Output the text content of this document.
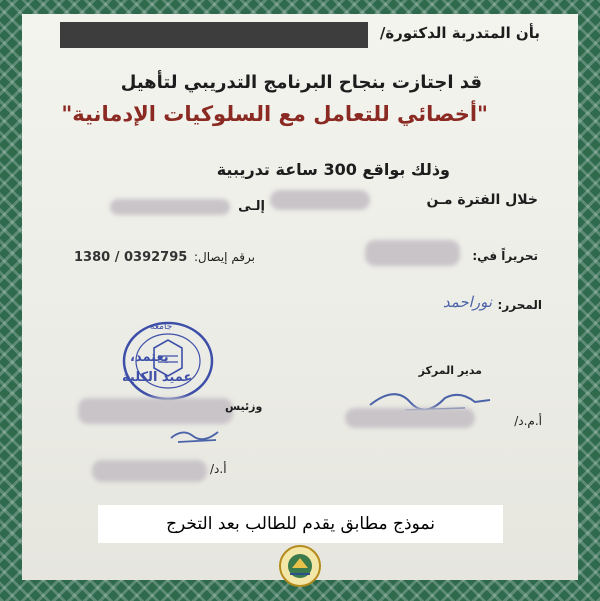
بأن المتدربة الدكتورة/
قد اجتازت بنجاح البرنامج التدريبي لتأهيل
"أخصائي للتعامل مع السلوكيات الإدمانية"
وذلك بواقع 300 ساعة تدريبية
خلال الفترة مـن
إلـى
تحريراً في:
برقم إيصال:
1380 / 0392795
المحرر:
نوراحمد
جامعة
يعتمد،
عميد الكلية	مدير المركز
أ.م.د/
وزئيس
أ.د/
نموذج مطابق يقدم للطالب بعد التخرج
